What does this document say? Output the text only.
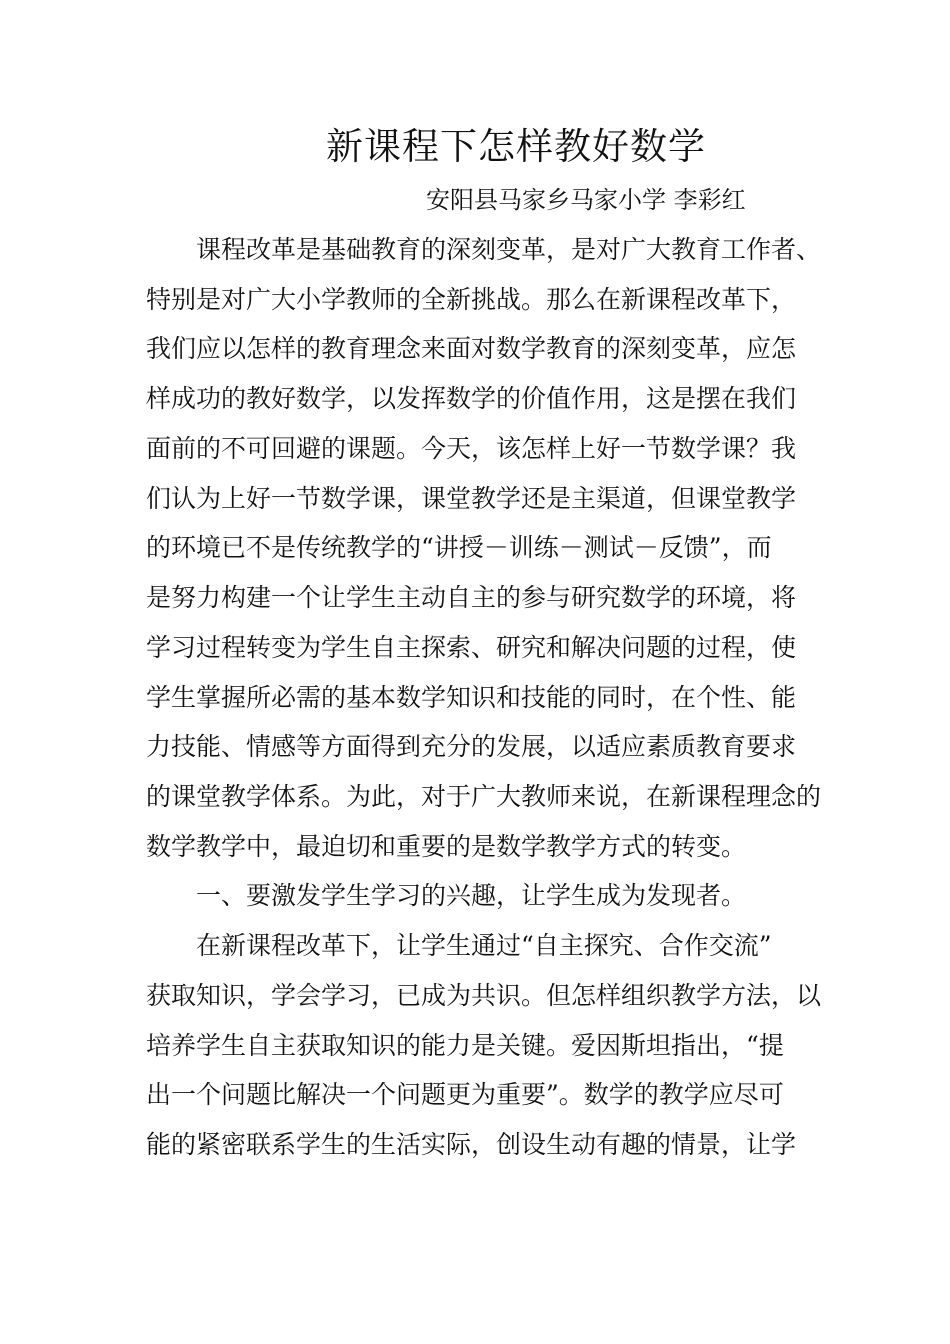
新课程下怎样教好数学
安阳县马家乡马家小学 李彩红
课程改革是基础教育的深刻变革，是对广大教育工作者、
特别是对广大小学教师的全新挑战。那么在新课程改革下，
我们应以怎样的教育理念来面对数学教育的深刻变革，应怎
样成功的教好数学，以发挥数学的价值作用，这是摆在我们
面前的不可回避的课题。今天，该怎样上好一节数学课？我
们认为上好一节数学课，课堂教学还是主渠道，但课堂教学
的环境已不是传统教学的“讲授－训练－测试－反馈”，而
是努力构建一个让学生主动自主的参与研究数学的环境，将
学习过程转变为学生自主探索、研究和解决问题的过程，使
学生掌握所必需的基本数学知识和技能的同时，在个性、能
力技能、情感等方面得到充分的发展，以适应素质教育要求
的课堂教学体系。为此，对于广大教师来说，在新课程理念的
数学教学中，最迫切和重要的是数学教学方式的转变。
一、要激发学生学习的兴趣，让学生成为发现者。
在新课程改革下，让学生通过“自主探究、合作交流”
获取知识，学会学习，已成为共识。但怎样组织教学方法，以
培养学生自主获取知识的能力是关键。爱因斯坦指出，“提
出一个问题比解决一个问题更为重要”。数学的教学应尽可
能的紧密联系学生的生活实际，创设生动有趣的情景，让学
